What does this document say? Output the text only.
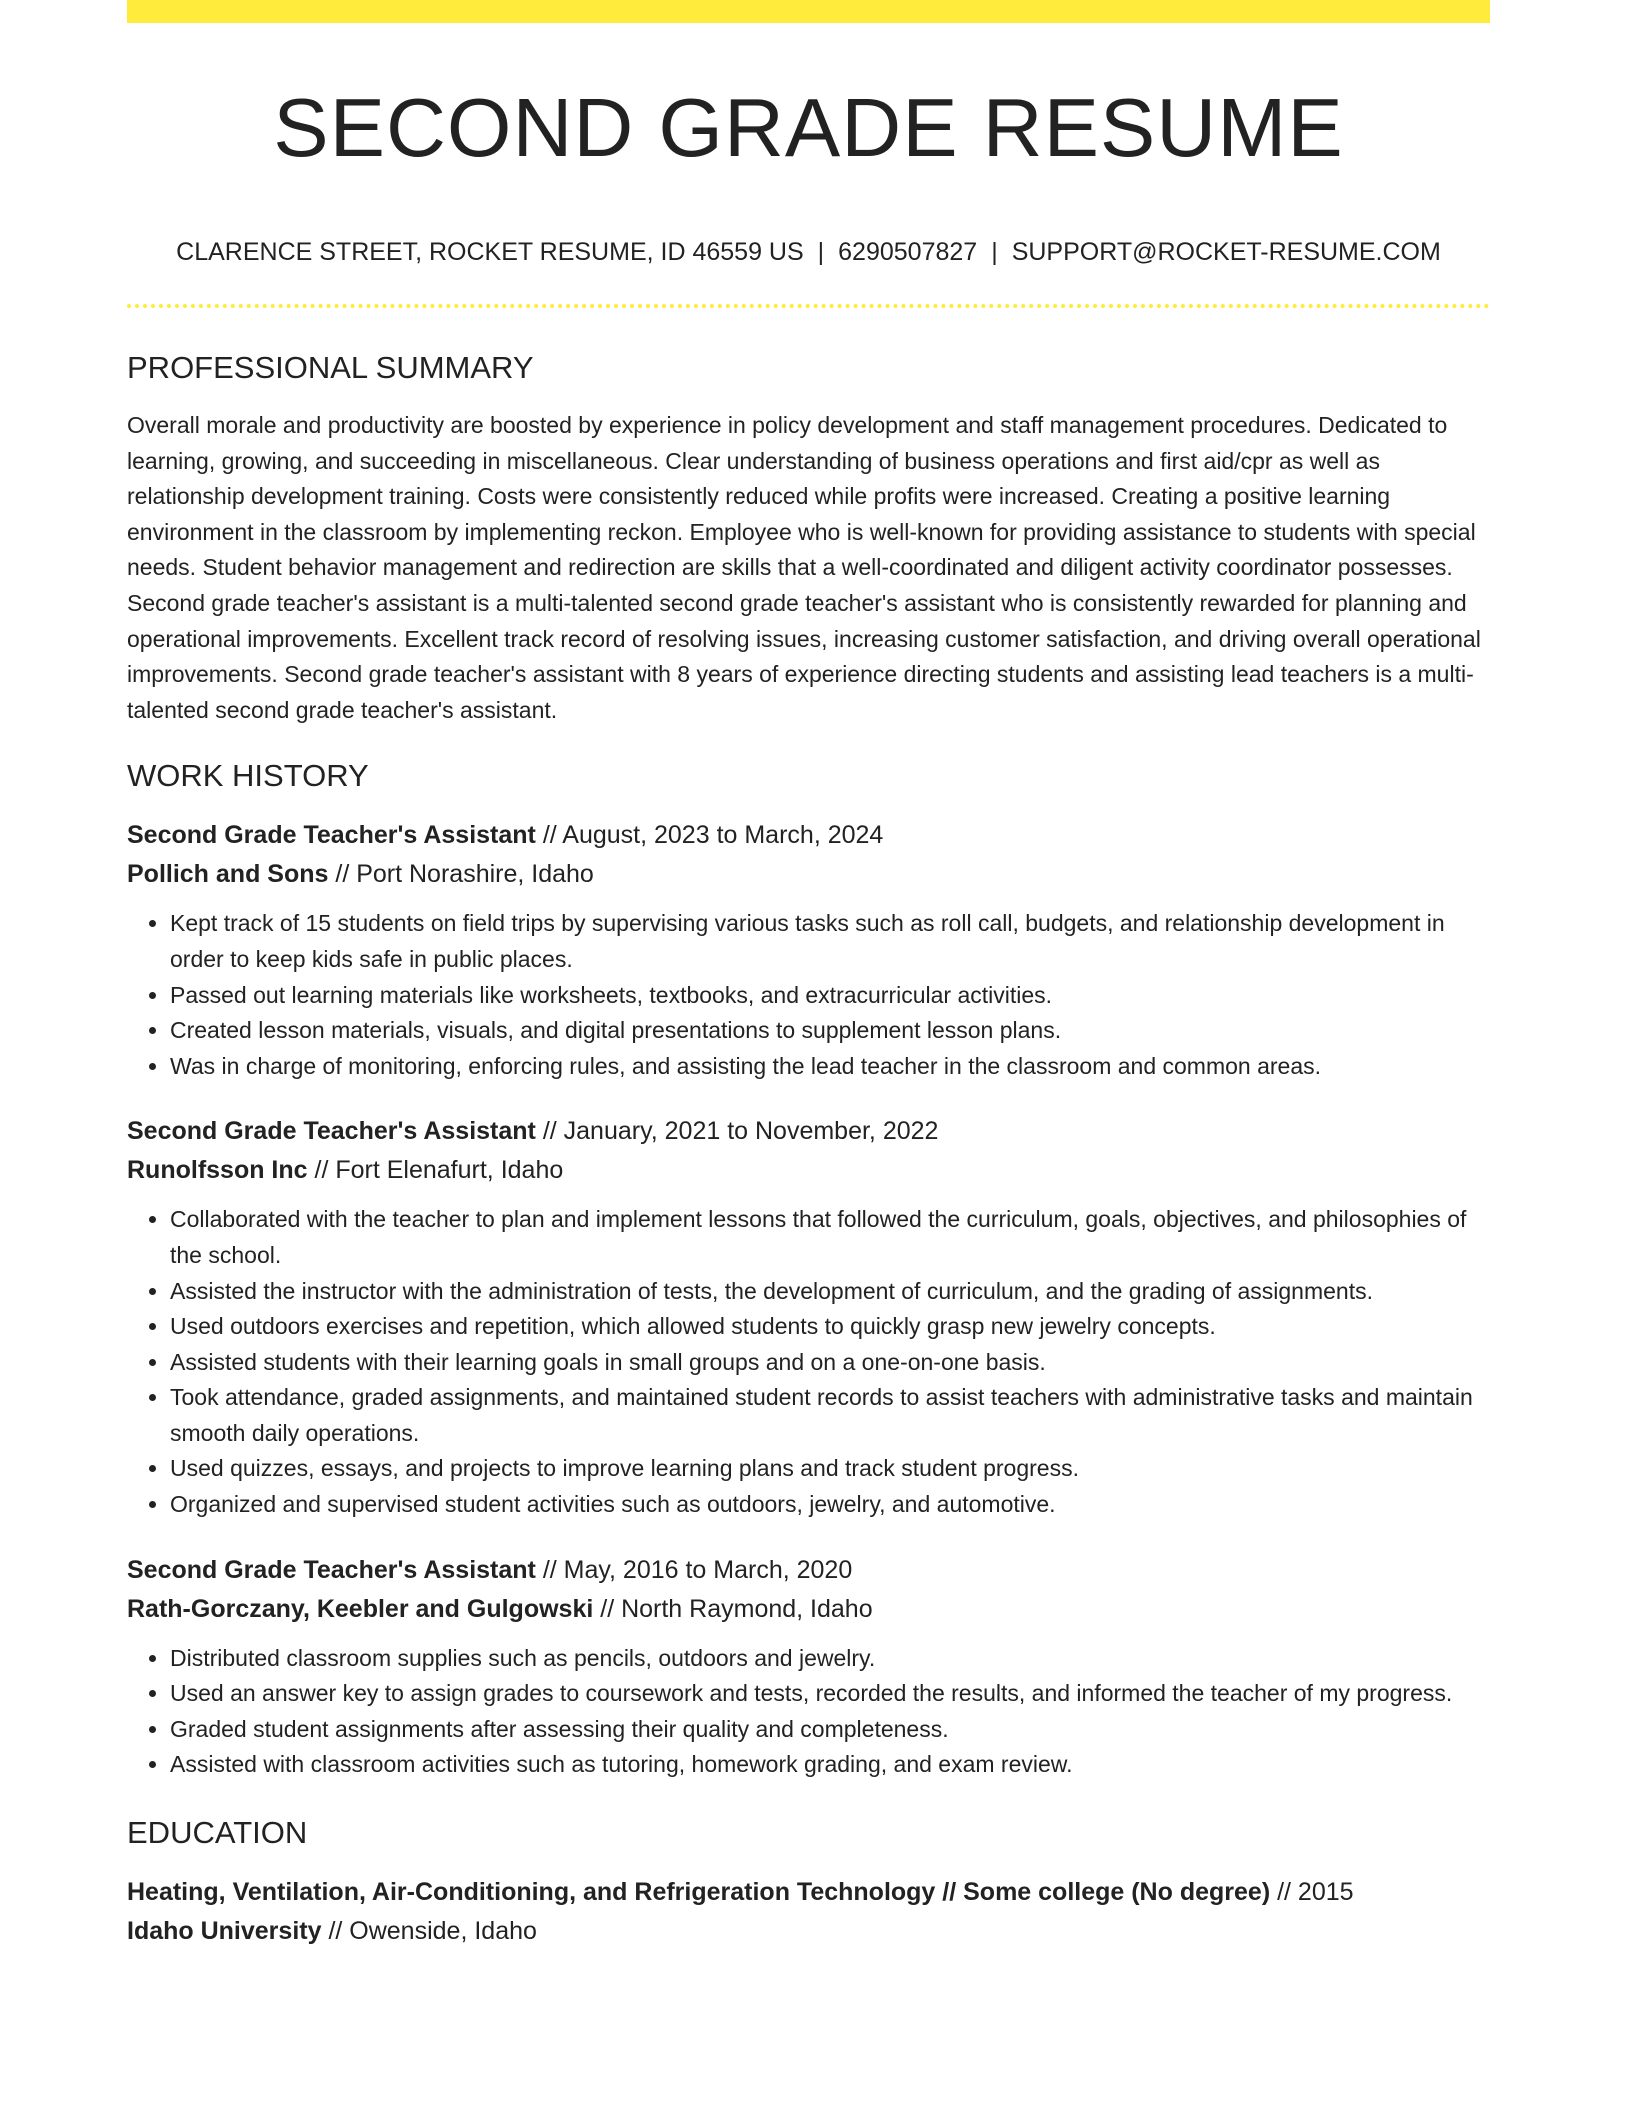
SECOND GRADE RESUME
CLARENCE STREET, ROCKET RESUME, ID 46559 US | 6290507827 | SUPPORT@ROCKET-RESUME.COM
PROFESSIONAL SUMMARY

Overall morale and productivity are boosted by experience in policy development and staff management procedures. Dedicated to learning, growing, and succeeding in miscellaneous. Clear understanding of business operations and first aid/cpr as well as relationship development training. Costs were consistently reduced while profits were increased. Creating a positive learning environment in the classroom by implementing reckon. Employee who is well-known for providing assistance to students with special needs. Student behavior management and redirection are skills that a well-coordinated and diligent activity coordinator possesses. Second grade teacher's assistant is a multi-talented second grade teacher's assistant who is consistently rewarded for planning and operational improvements. Excellent track record of resolving issues, increasing customer satisfaction, and driving overall operational improvements. Second grade teacher's assistant with 8 years of experience directing students and assisting lead teachers is a multi-talented second grade teacher's assistant.

WORK HISTORY

Second Grade Teacher's Assistant // August, 2023 to March, 2024

Pollich and Sons // Port Norashire, Idaho

• Kept track of 15 students on field trips by supervising various tasks such as roll call, budgets, and relationship development in order to keep kids safe in public places.
• Passed out learning materials like worksheets, textbooks, and extracurricular activities.
• Created lesson materials, visuals, and digital presentations to supplement lesson plans.
• Was in charge of monitoring, enforcing rules, and assisting the lead teacher in the classroom and common areas.

Second Grade Teacher's Assistant // January, 2021 to November, 2022

Runolfsson Inc // Fort Elenafurt, Idaho

• Collaborated with the teacher to plan and implement lessons that followed the curriculum, goals, objectives, and philosophies of the school.
• Assisted the instructor with the administration of tests, the development of curriculum, and the grading of assignments.
• Used outdoors exercises and repetition, which allowed students to quickly grasp new jewelry concepts.
• Assisted students with their learning goals in small groups and on a one-on-one basis.
• Took attendance, graded assignments, and maintained student records to assist teachers with administrative tasks and maintain smooth daily operations.
• Used quizzes, essays, and projects to improve learning plans and track student progress.
• Organized and supervised student activities such as outdoors, jewelry, and automotive.

Second Grade Teacher's Assistant // May, 2016 to March, 2020

Rath-Gorczany, Keebler and Gulgowski // North Raymond, Idaho

• Distributed classroom supplies such as pencils, outdoors and jewelry.
• Used an answer key to assign grades to coursework and tests, recorded the results, and informed the teacher of my progress.
• Graded student assignments after assessing their quality and completeness.
• Assisted with classroom activities such as tutoring, homework grading, and exam review.
EDUCATION

Heating, Ventilation, Air-Conditioning, and Refrigeration Technology // Some college (No degree) // 2015

Idaho University // Owenside, Idaho
